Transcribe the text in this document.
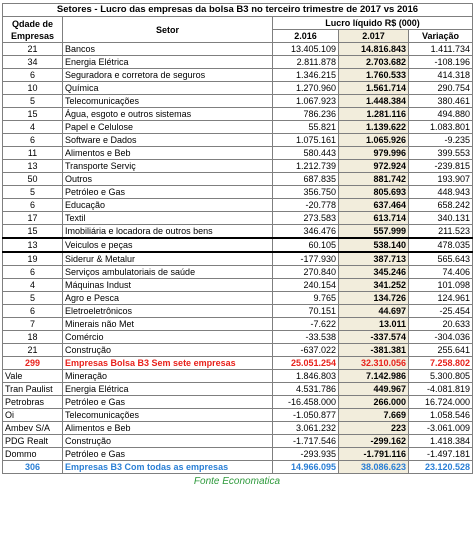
Setores - Lucro das empresas da bolsa B3 no terceiro trimestre de 2017 vs 2016				
Qdade de Empresas	Setor	Lucro líquido R$ (000)		
		2.016	2.017	Variação
21	Bancos	13.405.109	14.816.843	1.411.734
34	Energia Elétrica	2.811.878	2.703.682	-108.196
6	Seguradora e corretora de seguros	1.346.215	1.760.533	414.318
10	Química	1.270.960	1.561.714	290.754
5	Telecomunicações	1.067.923	1.448.384	380.461
15	Água, esgoto e outros sistemas	786.236	1.281.116	494.880
4	Papel e Celulose	55.821	1.139.622	1.083.801
6	Software e Dados	1.075.161	1.065.926	-9.235
11	Alimentos e Beb	580.443	979.996	399.553
13	Transporte Serviç	1.212.739	972.924	-239.815
50	Outros	687.835	881.742	193.907
5	Petróleo e Gas	356.750	805.693	448.943
6	Educação	-20.778	637.464	658.242
17	Textil	273.583	613.714	340.131
15	Imobiliária e locadora de outros bens	346.476	557.999	211.523
13	Veiculos e peças	60.105	538.140	478.035
19	Siderur & Metalur	-177.930	387.713	565.643
6	Serviços ambulatoriais de saúde	270.840	345.246	74.406
4	Máquinas Indust	240.154	341.252	101.098
5	Agro e Pesca	9.765	134.726	124.961
6	Eletroeletrônicos	70.151	44.697	-25.454
7	Minerais não Met	-7.622	13.011	20.633
18	Comércio	-33.538	-337.574	-304.036
21	Construção	-637.022	-381.381	255.641
299	Empresas Bolsa B3 Sem sete empresas	25.051.254	32.310.056	7.258.802
Vale	Mineração	1.846.803	7.142.986	5.300.805
Tran Paulist	Energia Elétrica	4.531.786	449.967	-4.081.819
Petrobras	Petróleo e Gas	-16.458.000	266.000	16.724.000
Oi	Telecomunicações	-1.050.877	7.669	1.058.546
Ambev S/A	Alimentos e Beb	3.061.232	223	-3.061.009
PDG Realt	Construção	-1.717.546	-299.162	1.418.384
Dommo	Petróleo e Gas	-293.935	-1.791.116	-1.497.181
306	Empresas B3 Com todas as empresas	14.966.095	38.086.623	23.120.528
Fonte Economatica
